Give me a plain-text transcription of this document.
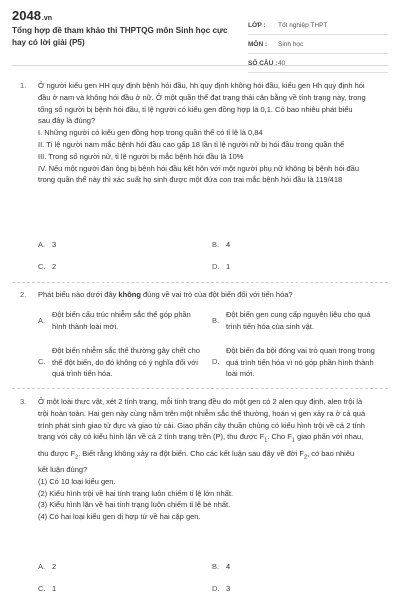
2048.vn
Tổng hợp đề tham khảo thi THPTQG môn Sinh học cực hay có lời giải (P5)
LỚP :	Tốt nghiệp THPT
MÔN :	Sinh học
SỐ CÂU : 40
1. Ở người kiểu gen HH quy định bệnh hói đầu, hh quy định không hói đầu, kiểu gen Hh quy định hói đầu ở nam và không hói đầu ở nữ. Ở một quần thể đạt trạng thái cân bằng về tính trạng này, trong tổng số người bị bệnh hói đầu, tỉ lệ người có kiểu gen đồng hợp là 0,1. Có bao nhiêu phát biểu sau đây là đúng?
I. Những người có kiểu gen đồng hợp trong quần thể có tỉ lệ là 0,84
II. Tỉ lệ người nam mắc bệnh hói đầu cao gấp 18 lần tỉ lệ người nữ bị hói đầu trong quần thể
III. Trong số người nữ, tỉ lệ người bị mắc bệnh hói đầu là 10%
IV. Nếu một người đàn ông bị bệnh hói đầu kết hôn với một người phụ nữ không bị bệnh hói đầu trong quần thể này thì xác suất họ sinh được một đứa con trai mắc bệnh hói đầu là 119/418
A. 3	B. 4
C. 2	D. 1
2. Phát biểu nào dưới đây không đúng về vai trò của đột biến đối với tiến hóa?
A.
Đột biến cấu trúc nhiễm sắc thể góp phần hình thành loài mới.
B.
Đột biến gen cung cấp nguyên liệu cho quá trình tiến hóa của sinh vật.
C.
Đột biến nhiễm sắc thể thường gây chết cho thể đột biến, do đó không có ý nghĩa đối với quá trình tiến hóa.
D.
Đột biến đa bội đóng vai trò quan trọng trong quá trình tiến hóa vì nó góp phần hình thành loài mới.
3. Ở một loài thực vật, xét 2 tính trạng, mỗi tính trạng đều do một gen có 2 alen quy định, alen trội là trội hoàn toàn. Hai gen này cùng nằm trên một nhiễm sắc thể thường, hoán vị gen xảy ra ở cả quá trình phát sinh giao tử đực và giao tử cái. Giao phấn cây thuần chủng có kiểu hình trội về cả 2 tính trạng với cây có kiểu hình lặn về cả 2 tính trạng trên (P), thu được $F_1$. Cho $F_1$ giao phấn với nhau, thu được $F_2$. Biết rằng không xảy ra đột biến. Cho các kết luận sau đây về đời $F_2$, có bao nhiêu kết luận đúng?
(1) Có 10 loại kiểu gen.
(2) Kiểu hình trội về hai tính trạng luôn chiếm tỉ lệ lớn nhất.
(3) Kiểu hình lặn về hai tính trạng luôn chiếm tỉ lệ bé nhất.
(4) Có hai loại kiểu gen dị hợp tử về hai cặp gen.
A. 2	B. 4
C. 1	D. 3
